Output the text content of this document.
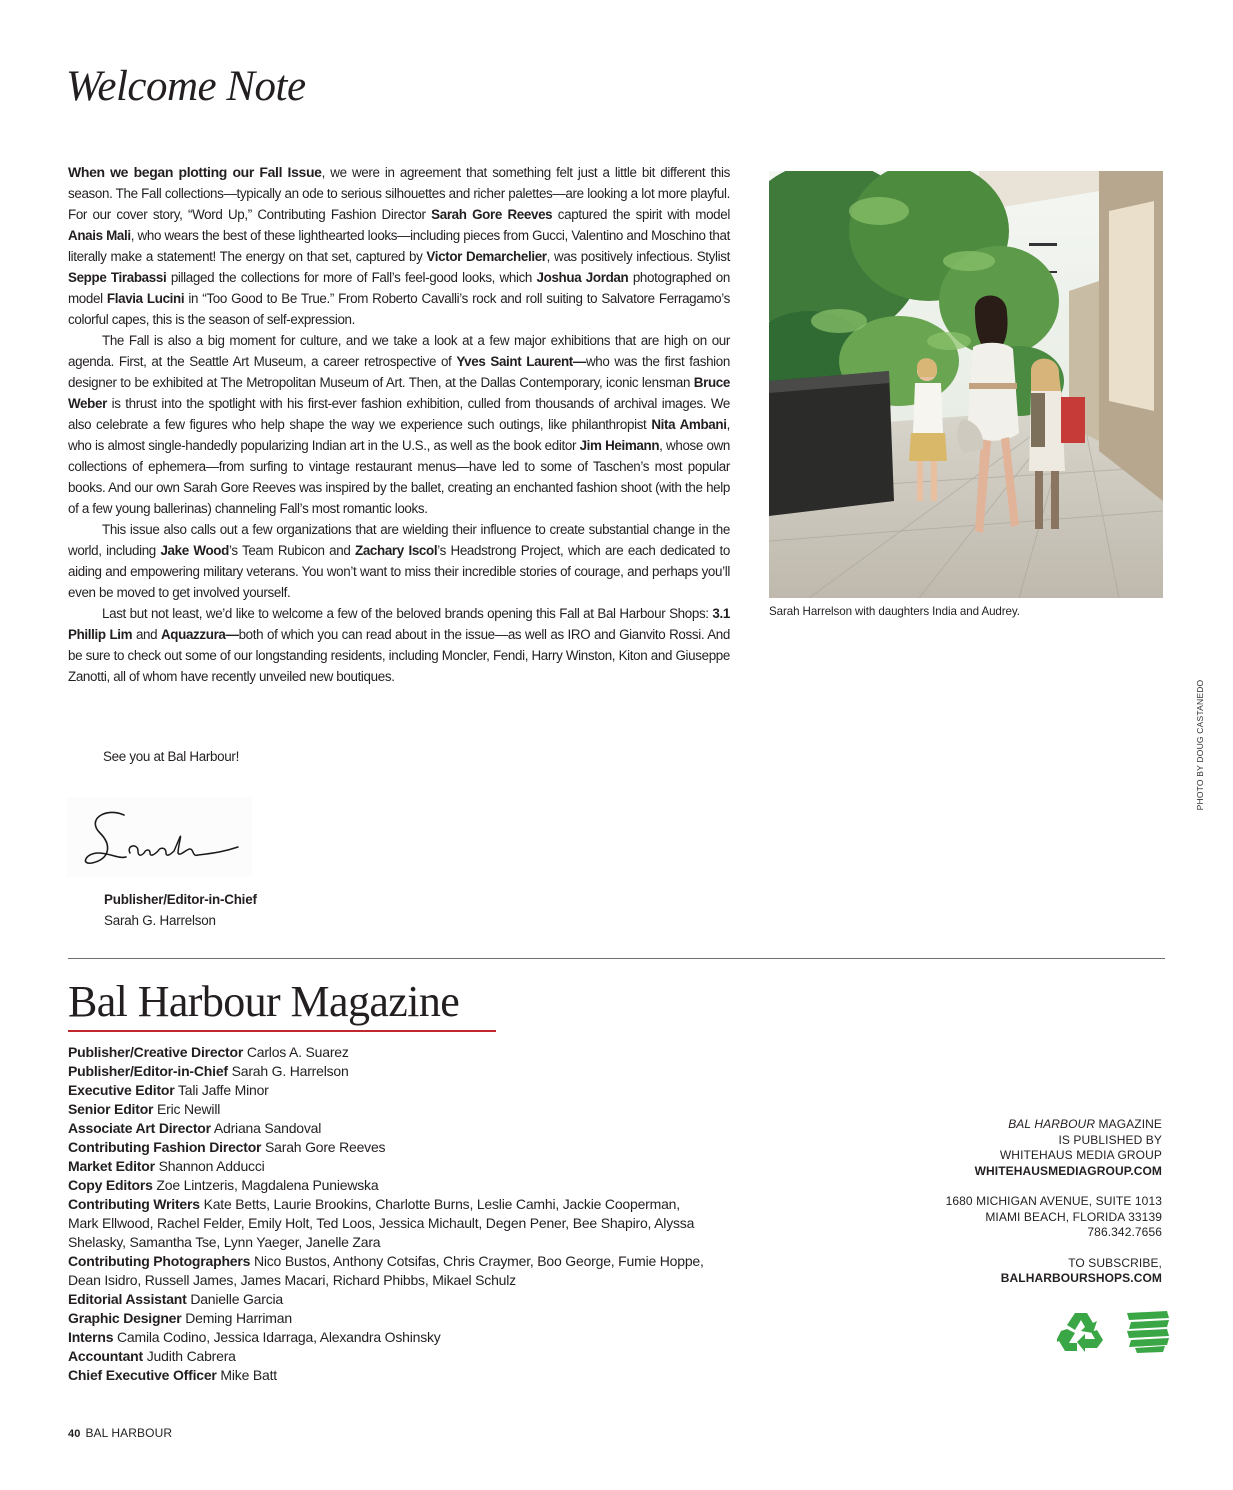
Welcome Note

When we began plotting our Fall Issue, we were in agreement that something felt just a little bit different this season. The Fall collections—typically an ode to serious silhouettes and richer palettes—are looking a lot more playful. For our cover story, “Word Up,” Contributing Fashion Director Sarah Gore Reeves captured the spirit with model Anais Mali, who wears the best of these lighthearted looks—including pieces from Gucci, Valentino and Moschino that literally make a statement! The energy on that set, captured by Victor Demarchelier, was positively infectious. Stylist Seppe Tirabassi pillaged the collections for more of Fall’s feel-good looks, which Joshua Jordan photographed on model Flavia Lucini in “Too Good to Be True.” From Roberto Cavalli’s rock and roll suiting to Salvatore Ferragamo’s colorful capes, this is the season of self-expression.

The Fall is also a big moment for culture, and we take a look at a few major exhibitions that are high on our agenda. First, at the Seattle Art Museum, a career retrospective of Yves Saint Laurent—who was the first fashion designer to be exhibited at The Metropolitan Museum of Art. Then, at the Dallas Contemporary, iconic lensman Bruce Weber is thrust into the spotlight with his first-ever fashion exhibition, culled from thousands of archival images. We also celebrate a few figures who help shape the way we experience such outings, like philanthropist Nita Ambani, who is almost single-handedly popularizing Indian art in the U.S., as well as the book editor Jim Heimann, whose own collections of ephemera—from surfing to vintage restaurant menus—have led to some of Taschen’s most popular books. And our own Sarah Gore Reeves was inspired by the ballet, creating an enchanted fashion shoot (with the help of a few young ballerinas) channeling Fall’s most romantic looks.

This issue also calls out a few organizations that are wielding their influence to create substantial change in the world, including Jake Wood’s Team Rubicon and Zachary Iscol’s Headstrong Project, which are each dedicated to aiding and empowering military veterans. You won’t want to miss their incredible stories of courage, and perhaps you’ll even be moved to get involved yourself.

Last but not least, we’d like to welcome a few of the beloved brands opening this Fall at Bal Harbour Shops: 3.1 Phillip Lim and Aquazzura—both of which you can read about in the issue—as well as IRO and Gianvito Rossi. And be sure to check out some of our longstanding residents, including Moncler, Fendi, Harry Winston, Kiton and Giuseppe Zanotti, all of whom have recently unveiled new boutiques.

See you at Bal Harbour!
Publisher/Editor-in-Chief
Sarah G. Harrelson
Sarah Harrelson with daughters India and Audrey.
PHOTO BY DOUG CASTANEDO
Bal Harbour Magazine
Publisher/Creative Director Carlos A. Suarez
Publisher/Editor-in-Chief Sarah G. Harrelson
Executive Editor Tali Jaffe Minor
Senior Editor Eric Newill
Associate Art Director Adriana Sandoval
Contributing Fashion Director Sarah Gore Reeves
Market Editor Shannon Adducci
Copy Editors Zoe Lintzeris, Magdalena Puniewska
Contributing Writers Kate Betts, Laurie Brookins, Charlotte Burns, Leslie Camhi, Jackie Cooperman, Mark Ellwood, Rachel Felder, Emily Holt, Ted Loos, Jessica Michault, Degen Pener, Bee Shapiro, Alyssa Shelasky, Samantha Tse, Lynn Yaeger, Janelle Zara
Contributing Photographers Nico Bustos, Anthony Cotsifas, Chris Craymer, Boo George, Fumie Hoppe, Dean Isidro, Russell James, James Macari, Richard Phibbs, Mikael Schulz
Editorial Assistant Danielle Garcia
Graphic Designer Deming Harriman
Interns Camila Codino, Jessica Idarraga, Alexandra Oshinsky
Accountant Judith Cabrera
Chief Executive Officer Mike Batt
BAL HARBOUR MAGAZINE
IS PUBLISHED BY
WHITEHAUS MEDIA GROUP
WHITEHAUSMEDIAGROUP.COM
1680 MICHIGAN AVENUE, SUITE 1013
MIAMI BEACH, FLORIDA 33139
786.342.7656
TO SUBSCRIBE,
BALHARBOURSHOPS.COM
40 BAL HARBOUR
